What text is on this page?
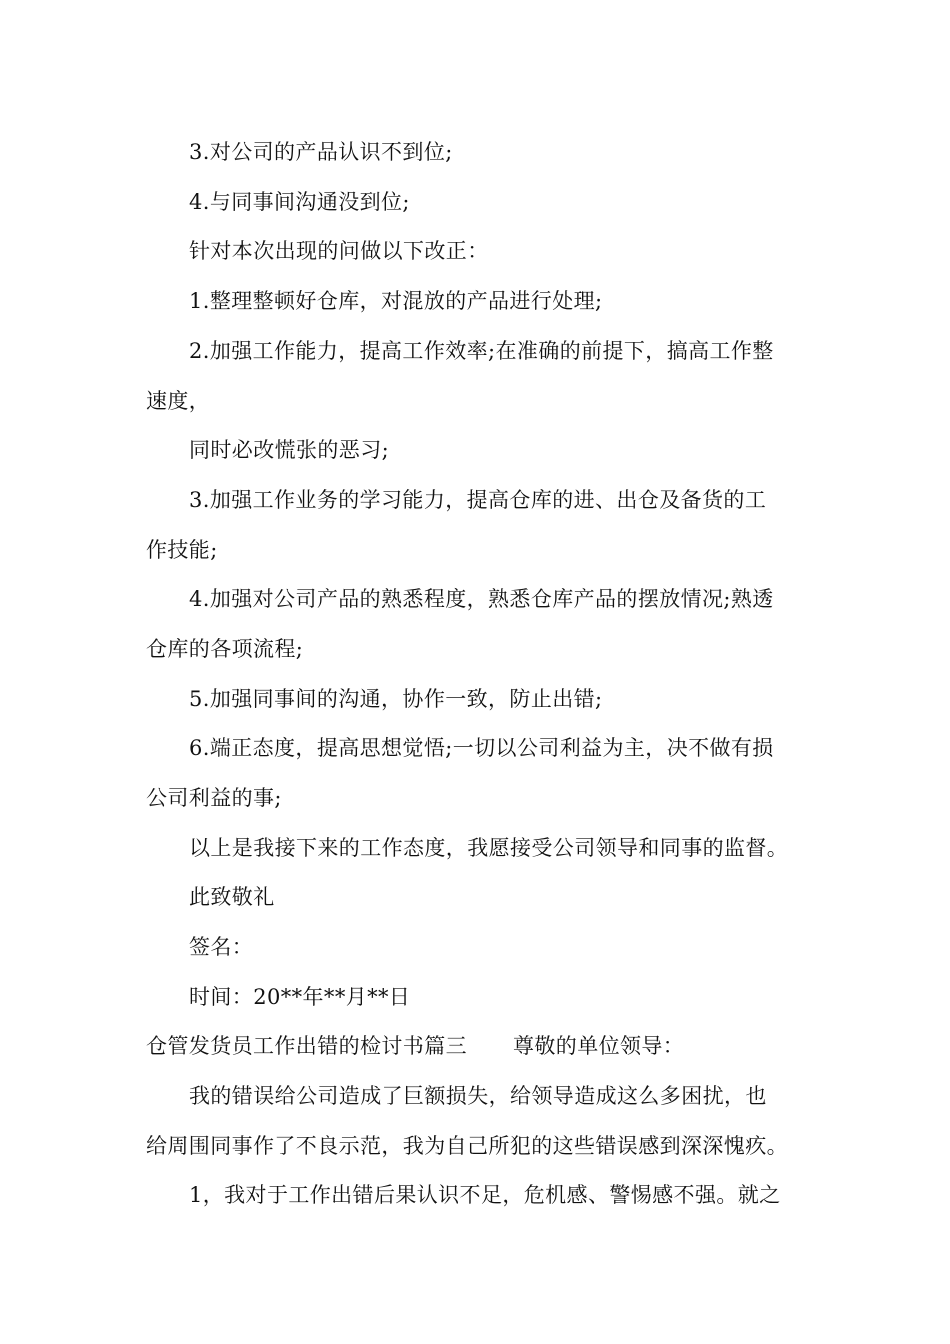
3.对公司的产品认识不到位;
4.与同事间沟通没到位;
针对本次出现的问做以下改正：
1.整理整顿好仓库，对混放的产品进行处理;
2.加强工作能力，提高工作效率;在准确的前提下，搞高工作整
速度，
同时必改慌张的恶习;
3.加强工作业务的学习能力，提高仓库的进、出仓及备货的工
作技能;
4.加强对公司产品的熟悉程度，熟悉仓库产品的摆放情况;熟透
仓库的各项流程;
5.加强同事间的沟通，协作一致，防止出错;
6.端正态度，提高思想觉悟;一切以公司利益为主，决不做有损
公司利益的事;
以上是我接下来的工作态度，我愿接受公司领导和同事的监督。
此致敬礼
签名：
时间：20**年**月**日
仓管发货员工作出错的检讨书篇三 尊敬的单位领导：
我的错误给公司造成了巨额损失，给领导造成这么多困扰，也
给周围同事作了不良示范，我为自己所犯的这些错误感到深深愧疚。
1，我对于工作出错后果认识不足，危机感、警惕感不强。就之
